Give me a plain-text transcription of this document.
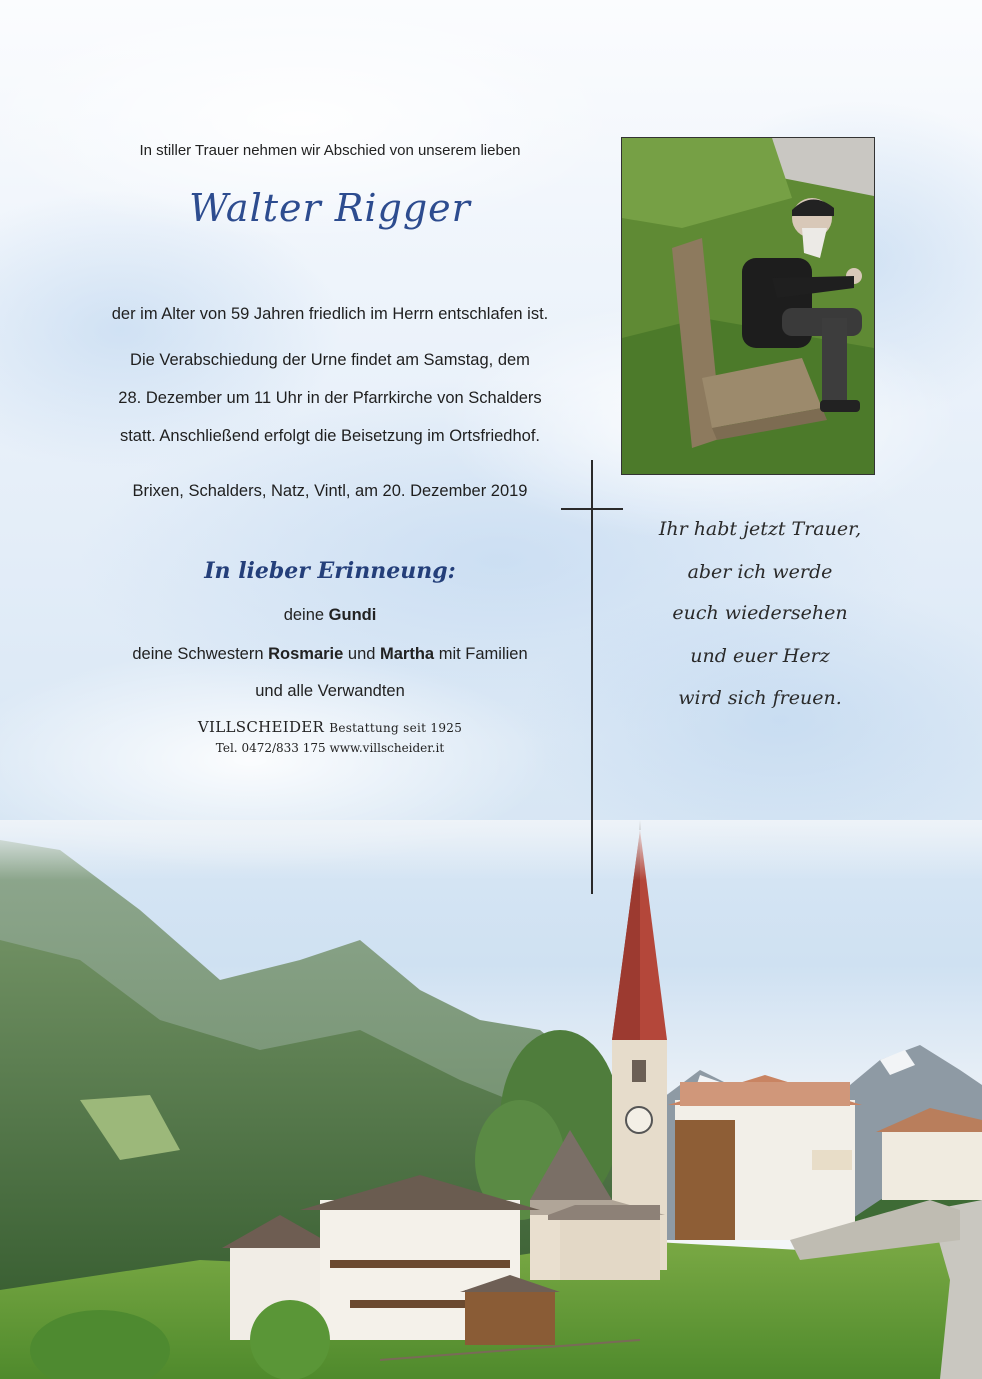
In stiller Trauer nehmen wir Abschied von unserem lieben
Walter Rigger
der im Alter von 59 Jahren friedlich im Herrn entschlafen ist.
Die Verabschiedung der Urne findet am Samstag, dem
28. Dezember um 11 Uhr in der Pfarrkirche von Schalders
statt. Anschließend erfolgt die Beisetzung im Ortsfriedhof.
Brixen, Schalders, Natz, Vintl, am 20. Dezember 2019
In lieber Erinneung:
deine Gundi
deine Schwestern Rosmarie und Martha mit Familien
und alle Verwandten
VILLSCHEIDER Bestattung seit 1925
Tel. 0472/833 175 www.villscheider.it
Ihr habt jetzt Trauer,
aber ich werde
euch wiedersehen
und euer Herz
wird sich freuen.
